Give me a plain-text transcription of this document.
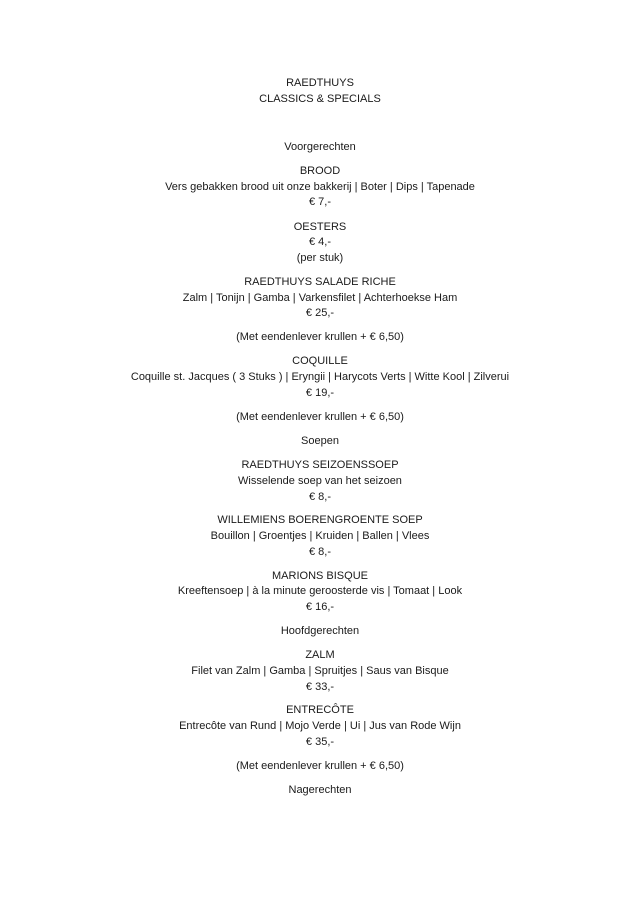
RAEDTHUYS
CLASSICS & SPECIALS
Voorgerechten
BROOD
Vers gebakken brood uit onze bakkerij | Boter | Dips | Tapenade
€ 7,-
OESTERS
€ 4,-
(per stuk)
RAEDTHUYS SALADE RICHE
Zalm | Tonijn | Gamba | Varkensfilet | Achterhoekse Ham
€ 25,-
(Met eendenlever krullen + € 6,50)
COQUILLE
Coquille st. Jacques ( 3 Stuks ) | Eryngii | Harycots Verts | Witte Kool | Zilverui
€ 19,-
(Met eendenlever krullen + € 6,50)
Soepen
RAEDTHUYS SEIZOENSSOEP
Wisselende soep van het seizoen
€ 8,-
WILLEMIENS BOERENGROENTE SOEP
Bouillon | Groentjes | Kruiden | Ballen | Vlees
€ 8,-
MARIONS BISQUE
Kreeftensoep | à la minute geroosterde vis | Tomaat | Look
€ 16,-
Hoofdgerechten
ZALM
Filet van Zalm | Gamba | Spruitjes | Saus van Bisque
€ 33,-
ENTRECÔTE
Entrecôte van Rund | Mojo Verde | Ui | Jus van Rode Wijn
€ 35,-
(Met eendenlever krullen + € 6,50)
Nagerechten
